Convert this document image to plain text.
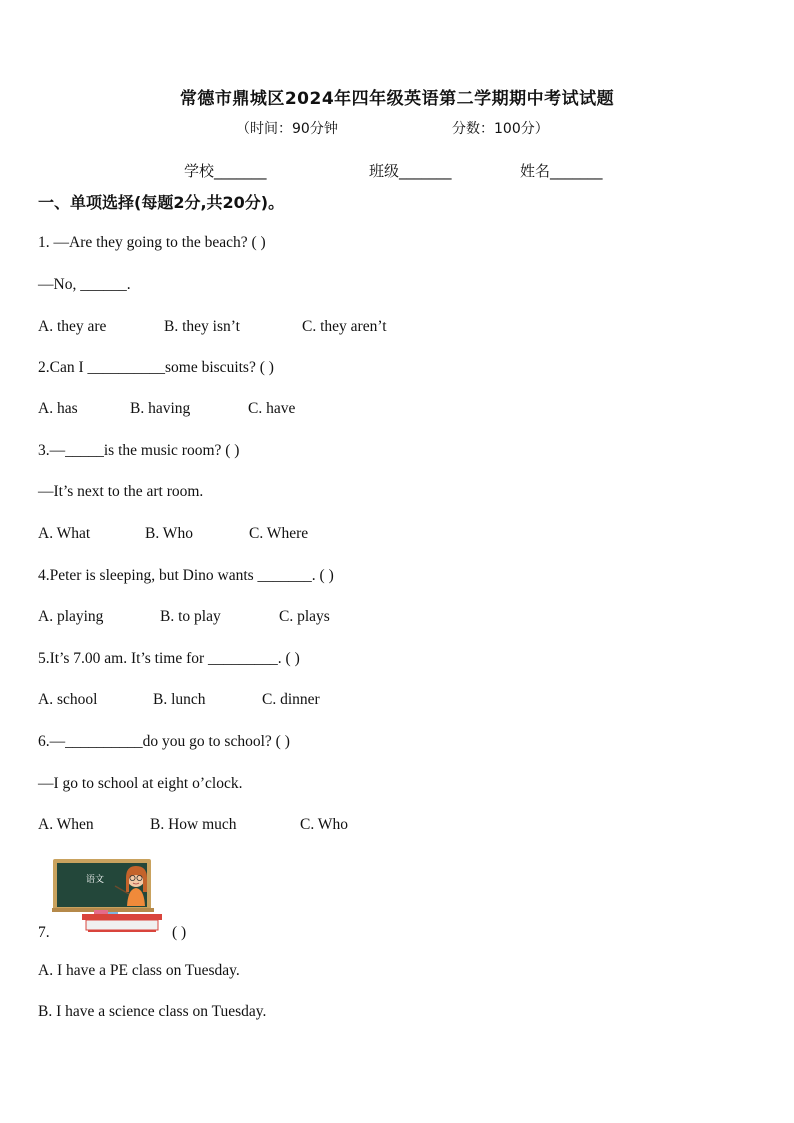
常德市鼎城区2024年四年级英语第二学期期中考试试题
（时间：90分钟	分数：100分）
学校_______	班级_______	姓名_______
一、单项选择(每题2分,共20分)。
1. —Are they going to the beach? ( )
—No, ______.
A. they are	B. they isn’t	C. they aren’t
2.Can I __________some biscuits? ( )
A. has	B. having	C. have
3.—_____is the music room? ( )
—It’s next to the art room.
A. What	B. Who	C. Where
4.Peter is sleeping, but Dino wants _______. ( )
A. playing	B. to play	C. plays
5.It’s 7.00 am. It’s time for _________. ( )
A. school	B. lunch	C. dinner
6.—__________do you go to school? ( )
—I go to school at eight o’clock.
A. When	B. How much	C. Who
语文
7.	( )
A. I have a PE class on Tuesday.
B. I have a science class on Tuesday.
